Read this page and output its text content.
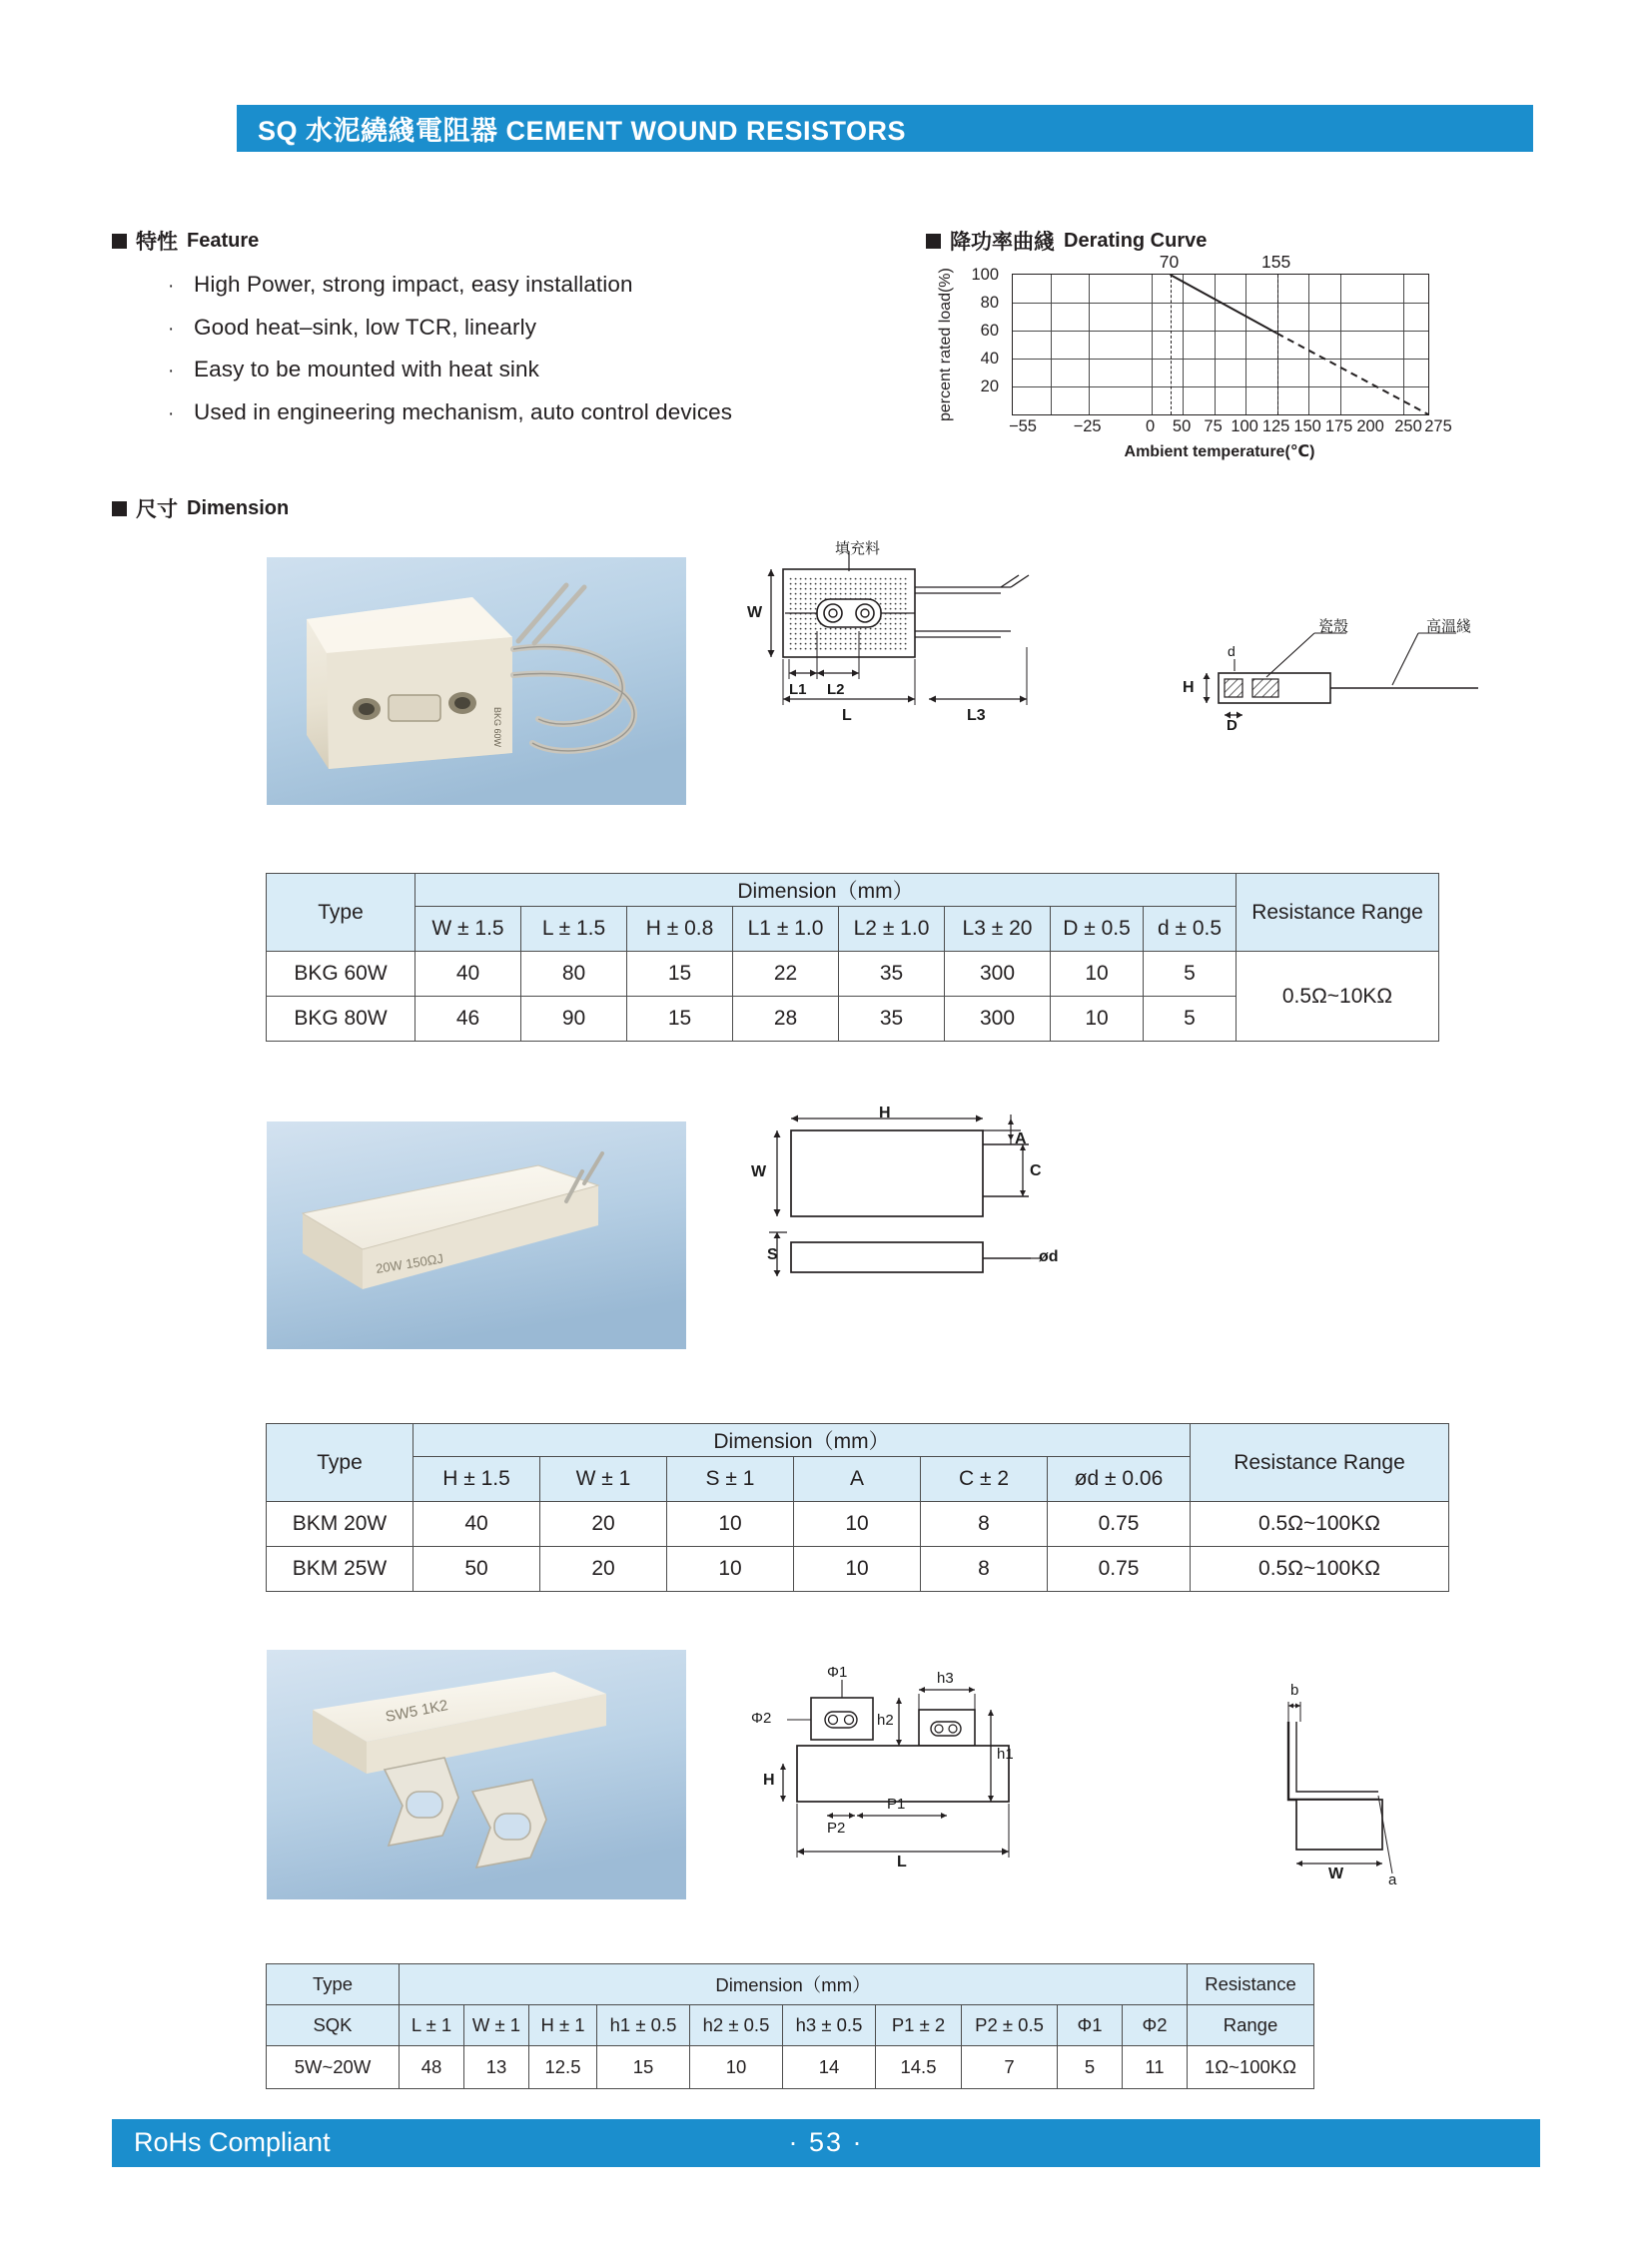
SQ 水泥繞綫電阻器 CEMENT WOUND RESISTORS
特性 Feature
· High Power, strong impact, easy installation
· Good heat–sink, low TCR, linearly
· Easy to be mounted with heat sink
· Used in engineering mechanism, auto control devices
降功率曲綫 Derating Curve
percent rated load(%)	100
80
60
40
20
−55 −25	0 50 75 100 125 150 175 200 250 275
70	155
Ambient temperature(℃)
尺寸 Dimension
BKG 60W
填充料
W
L1 L2
L	L3
H
d
D
瓷殼	高溫綫
Type	Dimension（mm）								Resistance Range
	W ± 1.5	L ± 1.5	H ± 0.8	L1 ± 1.0	L2 ± 1.0	L3 ± 20	D ± 0.5	d ± 0.5	
BKG 60W	40	80	15	22	35	300	10	5	0.5Ω~10KΩ
BKG 80W	46	90	15	28	35	300	10	5	
20W 150ΩJ
H
A
C
W
S	ød
Type	Dimension（mm）						Resistance Range
	H ± 1.5	W ± 1	S ± 1	A	C ± 2	ød ± 0.06	
BKM 20W	40	20	10	10	8	0.75	0.5Ω~100KΩ
BKM 25W	50	20	10	10	8	0.75	0.5Ω~100KΩ
SW5 1K2
Φ1
Φ2	h2
h3
h1
H
P2
P1
L
b
W	a
Type	Dimension（mm）										Resistance
SQK	L ± 1	W ± 1	H ± 1	h1 ± 0.5	h2 ± 0.5	h3 ± 0.5	P1 ± 2	P2 ± 0.5	Φ1	Φ2	Range
5W~20W	48	13	12.5	15	10	14	14.5	7	5	11	1Ω~100KΩ
RoHs Compliant	· 53 ·
